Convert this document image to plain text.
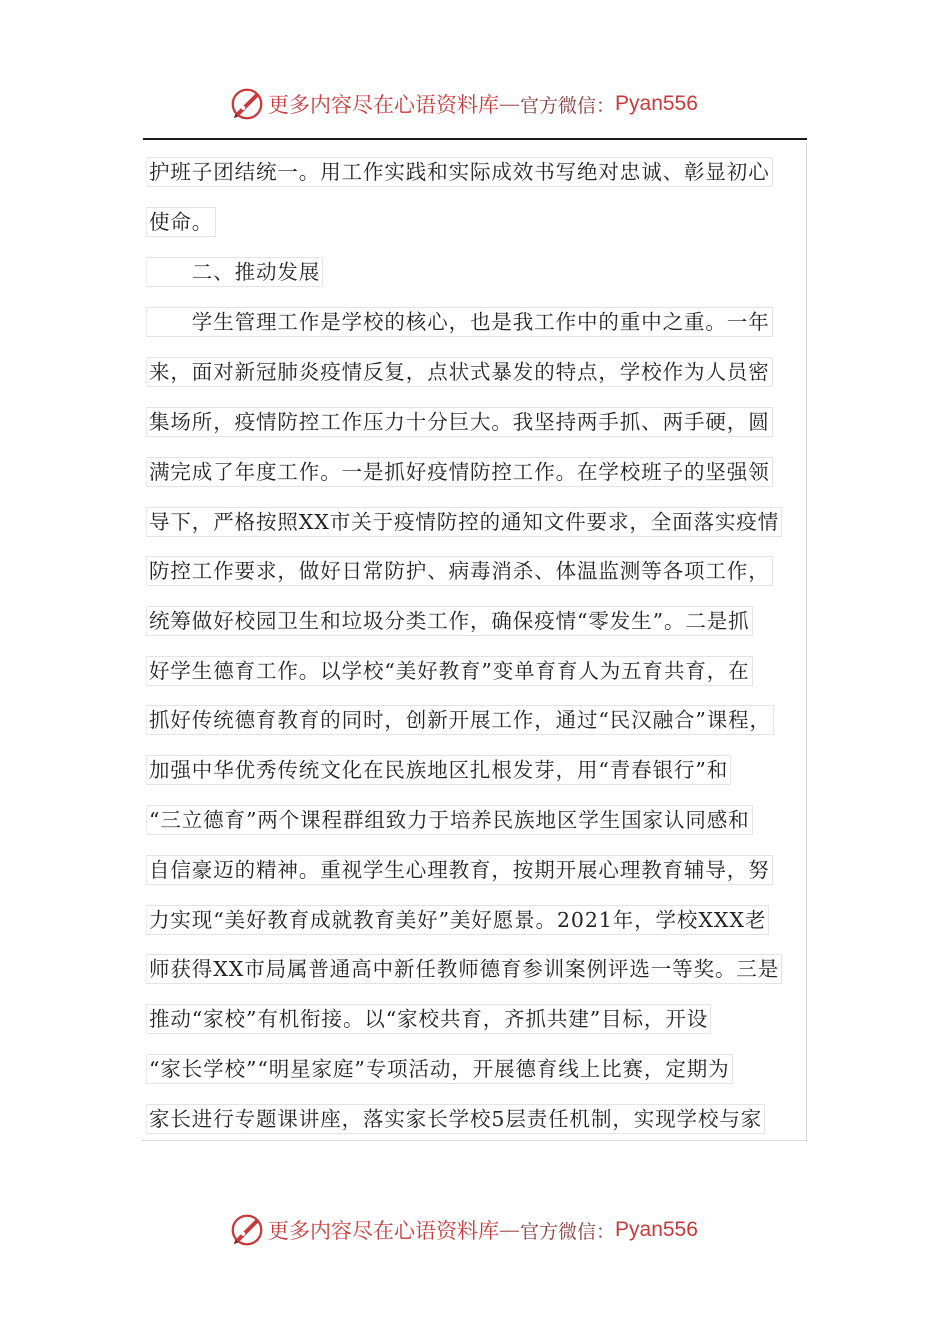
更多内容尽在心语资料库 — 官方微信： Pyan556
护班子团结统一。用工作实践和实际成效书写绝对忠诚、彰显初心
使命。
　　二、推动发展
　　学生管理工作是学校的核心，也是我工作中的重中之重。一年
来，面对新冠肺炎疫情反复，点状式暴发的特点，学校作为人员密
集场所，疫情防控工作压力十分巨大。我坚持两手抓、两手硬，圆
满完成了年度工作。一是抓好疫情防控工作。在学校班子的坚强领
导下，严格按照XX市关于疫情防控的通知文件要求，全面落实疫情
防控工作要求，做好日常防护、病毒消杀、体温监测等各项工作，
统筹做好校园卫生和垃圾分类工作，确保疫情“零发生”。二是抓
好学生德育工作。以学校“美好教育”变单育育人为五育共育，在
抓好传统德育教育的同时，创新开展工作，通过“民汉融合”课程，
加强中华优秀传统文化在民族地区扎根发芽，用“青春银行”和
“三立德育”两个课程群组致力于培养民族地区学生国家认同感和
自信豪迈的精神。重视学生心理教育，按期开展心理教育辅导，努
力实现“美好教育成就教育美好”美好愿景。2021年，学校XXX老
师获得XX市局属普通高中新任教师德育参训案例评选一等奖。三是
推动“家校”有机衔接。以“家校共育，齐抓共建”目标，开设
“家长学校”“明星家庭”专项活动，开展德育线上比赛，定期为
家长进行专题课讲座，落实家长学校5层责任机制，实现学校与家
更多内容尽在心语资料库 — 官方微信： Pyan556
